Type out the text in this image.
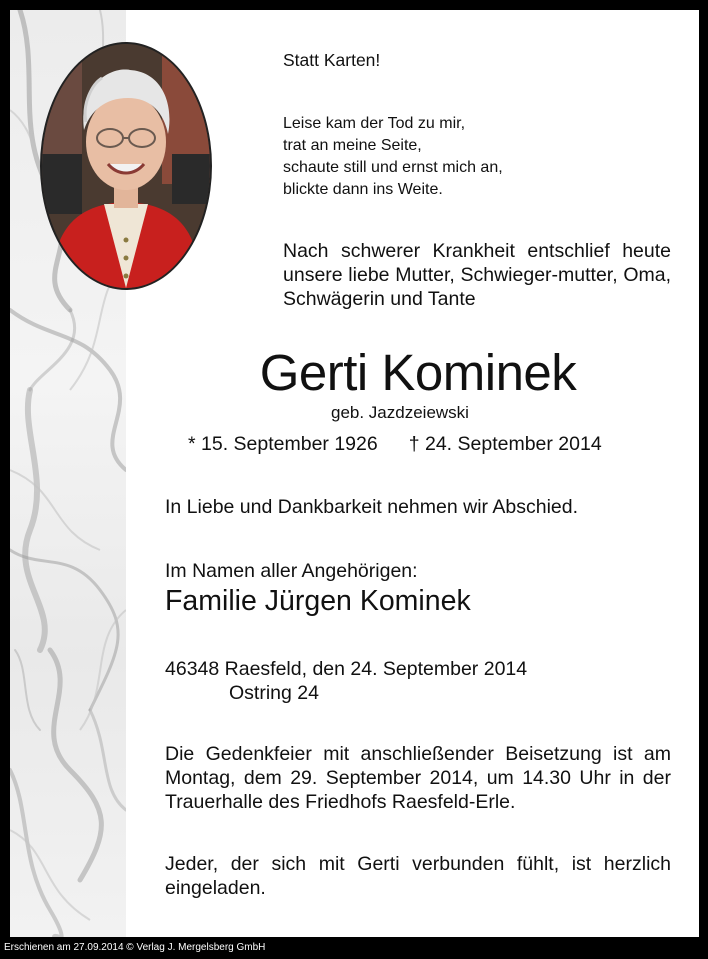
Statt Karten!

Leise kam der Tod zu mir,
trat an meine Seite,
schaute still und ernst mich an,
blickte dann ins Weite.

Nach schwerer Krankheit entschlief heute unsere liebe Mutter, Schwieger-mutter, Oma, Schwägerin und Tante

Gerti Kominek

geb. Jazdzeiewski

* 15. September 1926 † 24. September 2014

In Liebe und Dankbarkeit nehmen wir Abschied.

Im Namen aller Angehörigen:

Familie Jürgen Kominek

46348 Raesfeld, den 24. September 2014
Ostring 24

Die Gedenkfeier mit anschließender Beisetzung ist am Montag, dem 29. September 2014, um 14.30 Uhr in der Trauerhalle des Friedhofs Raesfeld-Erle.

Jeder, der sich mit Gerti verbunden fühlt, ist herzlich eingeladen.

Erschienen am 27.09.2014 © Verlag J. Mergelsberg GmbH
